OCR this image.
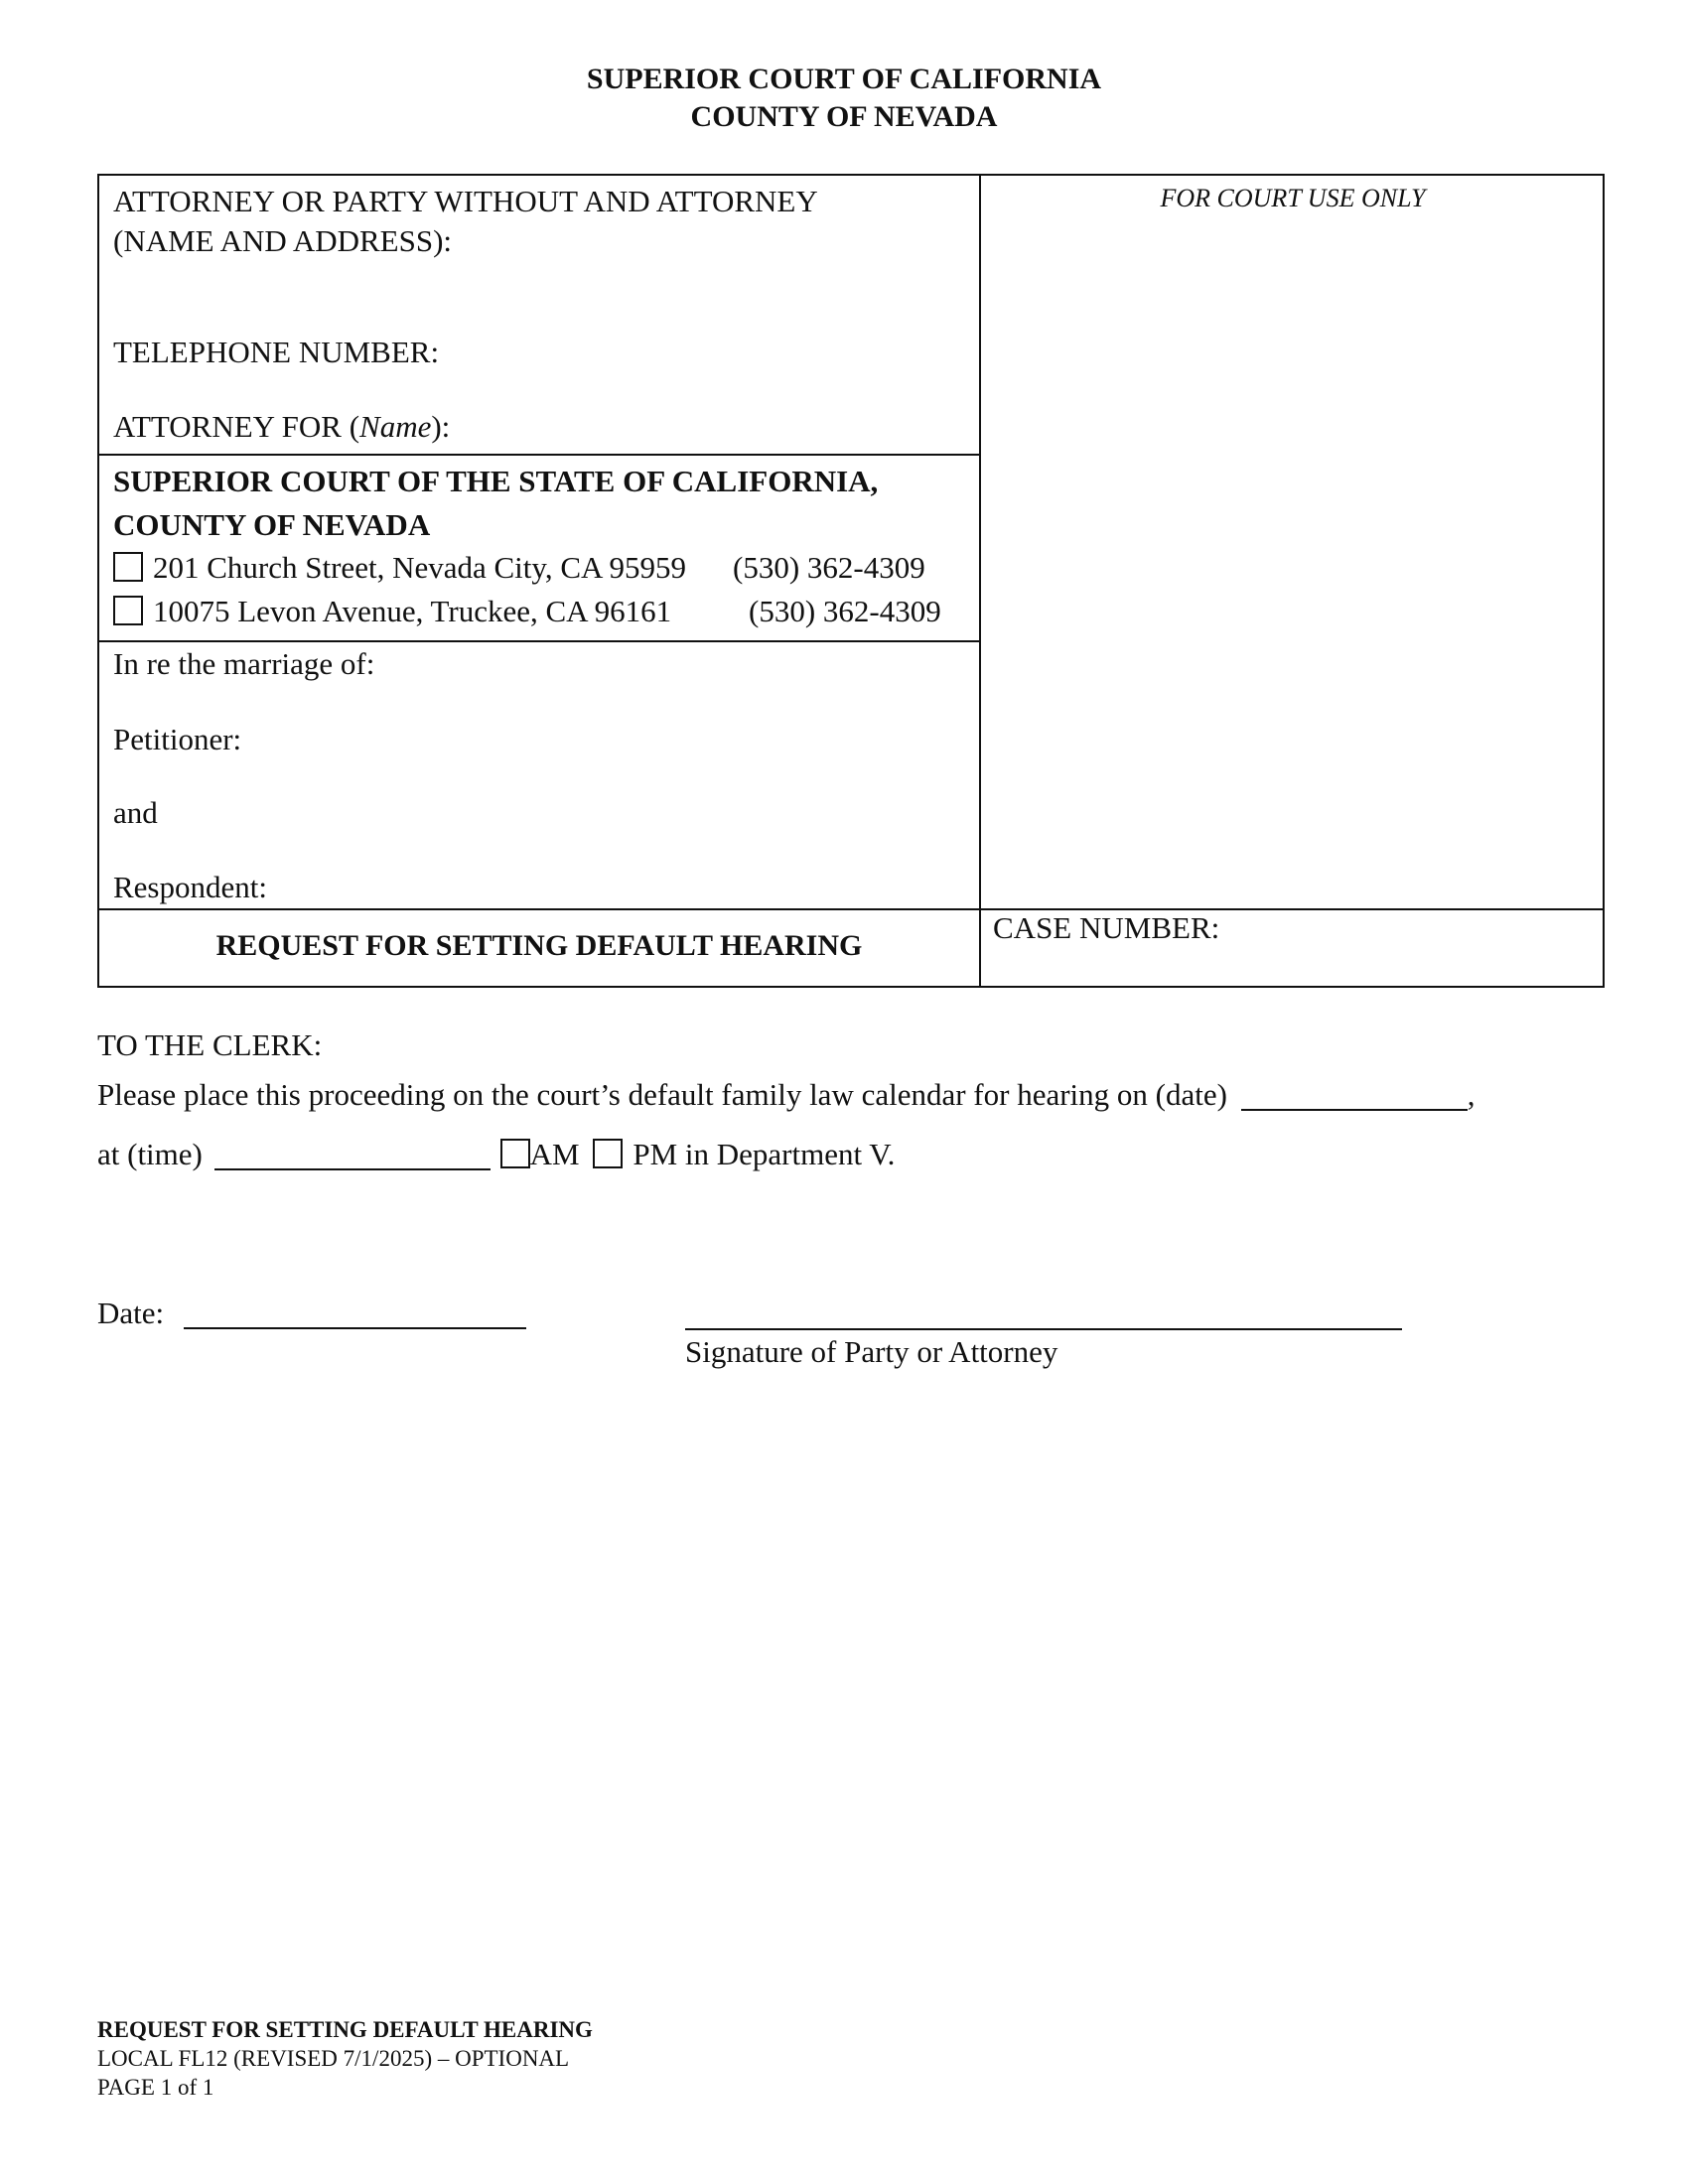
SUPERIOR COURT OF CALIFORNIA
COUNTY OF NEVADA
ATTORNEY OR PARTY WITHOUT AND ATTORNEY
(NAME AND ADDRESS):
TELEPHONE NUMBER:
ATTORNEY FOR (Name):
FOR COURT USE ONLY
SUPERIOR COURT OF THE STATE OF CALIFORNIA,
COUNTY OF NEVADA
201 Church Street, Nevada City, CA 95959 (530) 362-4309
10075 Levon Avenue, Truckee, CA 96161	(530) 362-4309
In re the marriage of:
Petitioner:
and
Respondent:
REQUEST FOR SETTING DEFAULT HEARING
CASE NUMBER:
TO THE CLERK:
Please place this proceeding on the court’s default family law calendar for hearing on (date)	,
at (time)	AM PM in Department V.
Date:
Signature of Party or Attorney
REQUEST FOR SETTING DEFAULT HEARING
LOCAL FL12 (REVISED 7/1/2025) – OPTIONAL
PAGE 1 of 1
